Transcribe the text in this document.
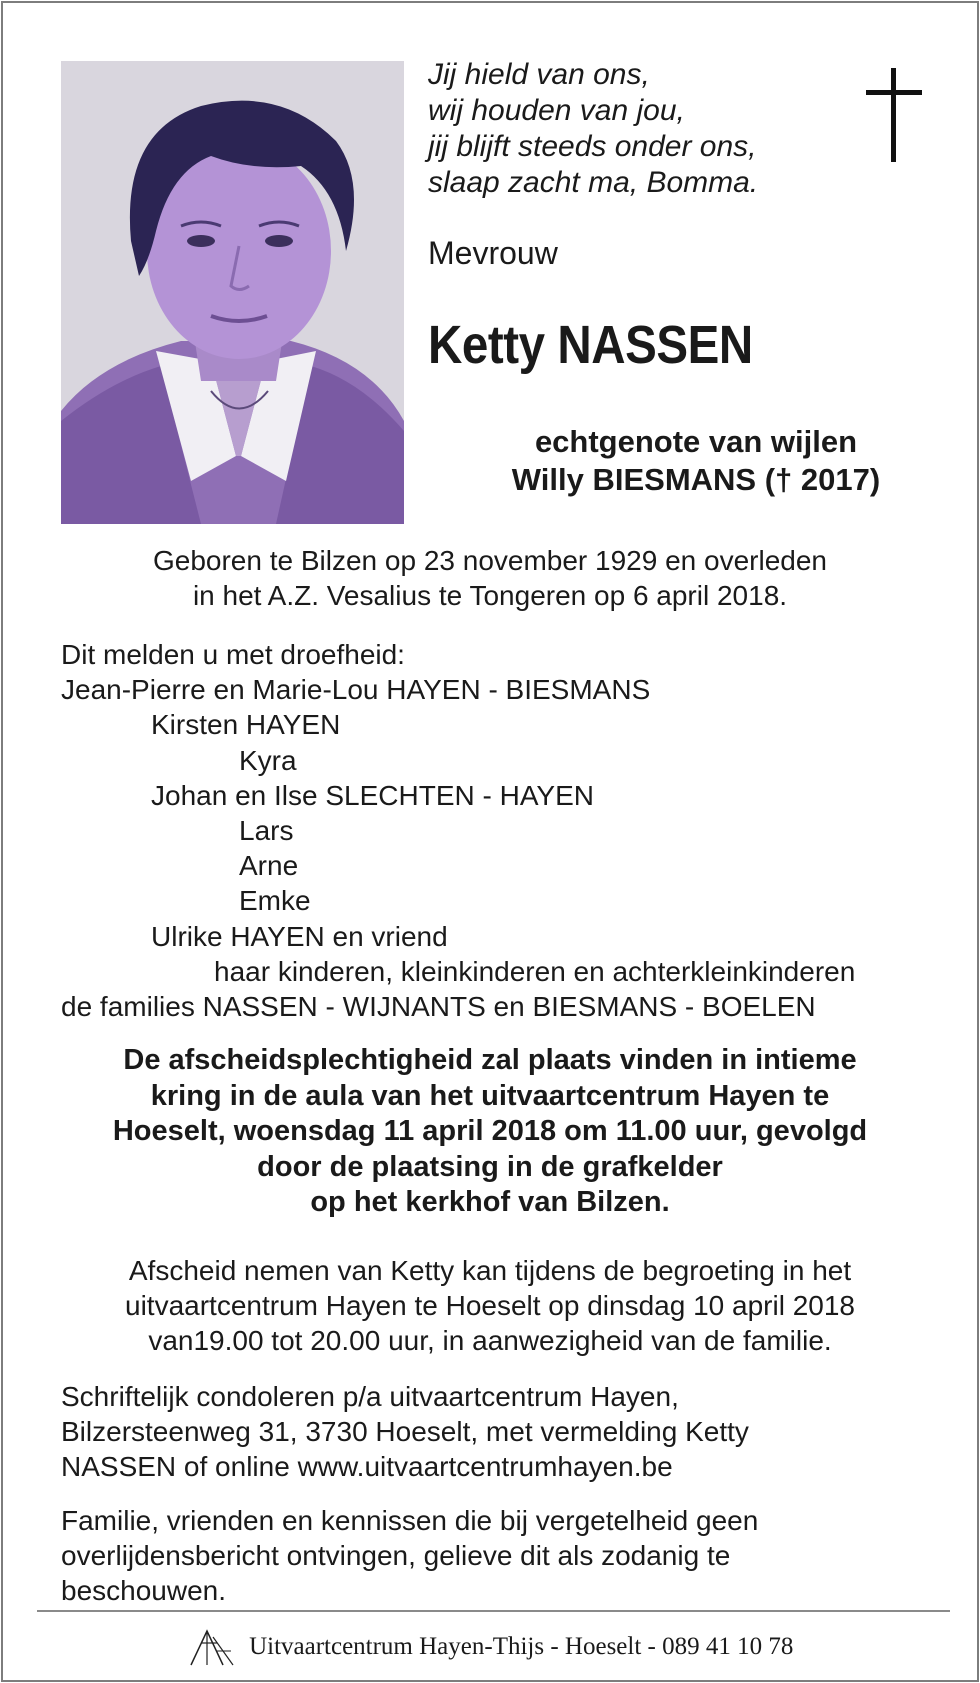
Jij hield van ons,
wij houden van jou,
jij blijft steeds onder ons,
slaap zacht ma, Bomma.
Mevrouw
Ketty NASSEN
echtgenote van wijlen
Willy BIESMANS († 2017)
Geboren te Bilzen op 23 november 1929 en overleden
in het A.Z. Vesalius te Tongeren op 6 april 2018.
Dit melden u met droefheid:
Jean-Pierre en Marie-Lou HAYEN - BIESMANS
Kirsten HAYEN
Kyra
Johan en Ilse SLECHTEN - HAYEN
Lars
Arne
Emke
Ulrike HAYEN en vriend
haar kinderen, kleinkinderen en achterkleinkinderen
de families NASSEN - WIJNANTS en BIESMANS - BOELEN
De afscheidsplechtigheid zal plaats vinden in intieme
kring in de aula van het uitvaartcentrum Hayen te
Hoeselt, woensdag 11 april 2018 om 11.00 uur, gevolgd
door de plaatsing in de grafkelder
op het kerkhof van Bilzen.
Afscheid nemen van Ketty kan tijdens de begroeting in het
uitvaartcentrum Hayen te Hoeselt op dinsdag 10 april 2018
van19.00 tot 20.00 uur, in aanwezigheid van de familie.
Schriftelijk condoleren p/a uitvaartcentrum Hayen,
Bilzersteenweg 31, 3730 Hoeselt, met vermelding Ketty
NASSEN of online www.uitvaartcentrumhayen.be
Familie, vrienden en kennissen die bij vergetelheid geen
overlijdensbericht ontvingen, gelieve dit als zodanig te
beschouwen.
Uitvaartcentrum Hayen-Thijs - Hoeselt - 089 41 10 78
